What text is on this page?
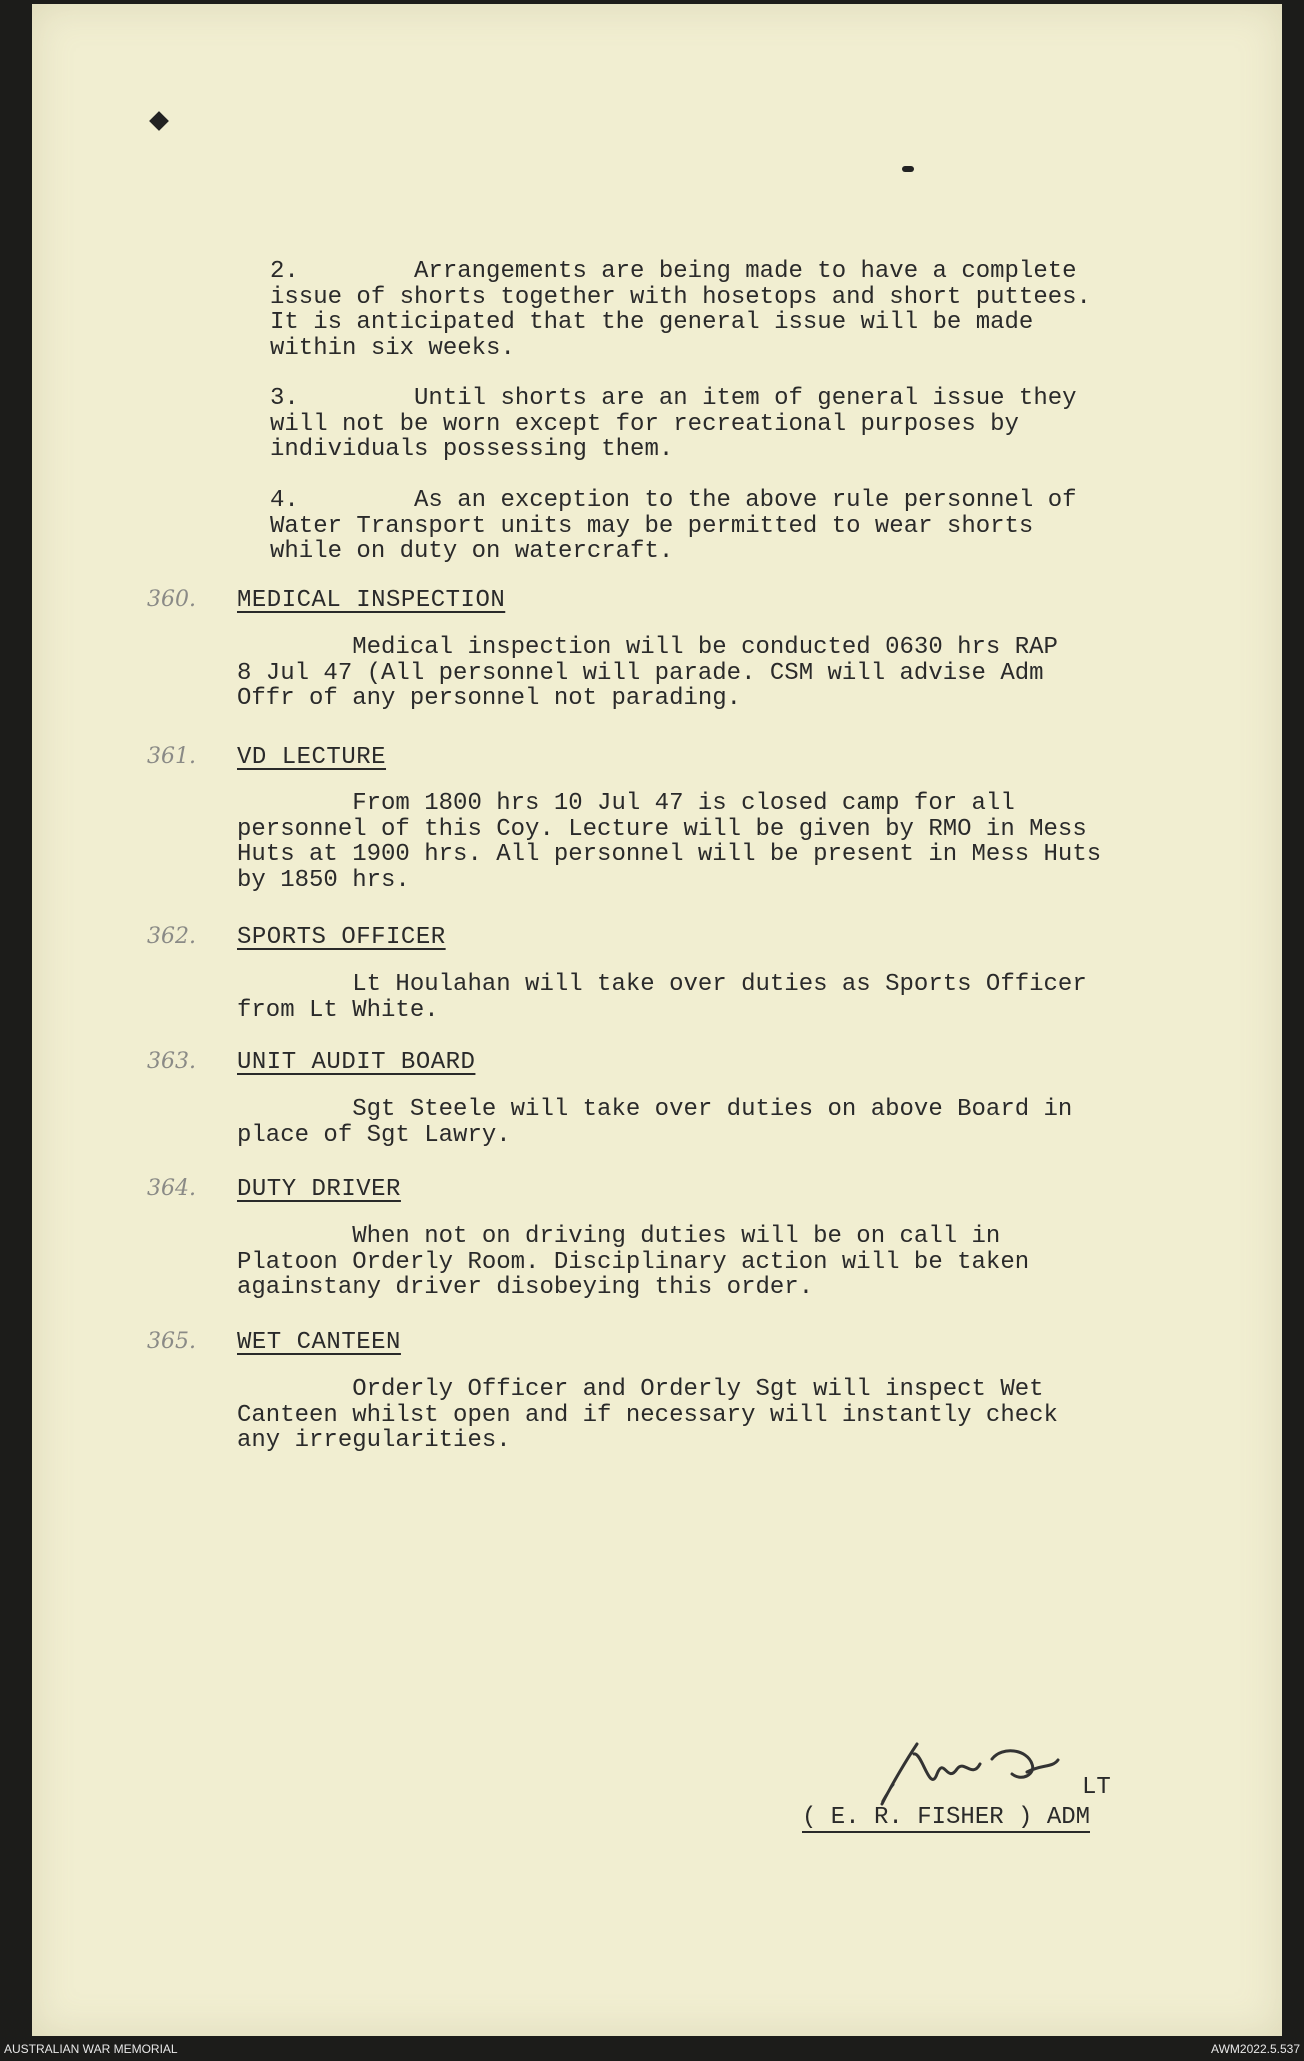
2.        Arrangements are being made to have a complete
issue of shorts together with hosetops and short puttees.
It is anticipated that the general issue will be made
within six weeks.
3.        Until shorts are an item of general issue they
will not be worn except for recreational purposes by
individuals possessing them.
4.        As an exception to the above rule personnel of
Water Transport units may be permitted to wear shorts
while on duty on watercraft.
360. MEDICAL INSPECTION
Medical inspection will be conducted 0630 hrs RAP
8 Jul 47 (All personnel will parade. CSM will advise Adm
Offr of any personnel not parading.
361. VD LECTURE
From 1800 hrs 10 Jul 47 is closed camp for all
personnel of this Coy. Lecture will be given by RMO in Mess
Huts at 1900 hrs. All personnel will be present in Mess Huts
by 1850 hrs.
362. SPORTS OFFICER
Lt Houlahan will take over duties as Sports Officer
from Lt White.
363. UNIT AUDIT BOARD
Sgt Steele will take over duties on above Board in
place of Sgt Lawry.
364. DUTY DRIVER
When not on driving duties will be on call in
Platoon Orderly Room. Disciplinary action will be taken
againstany driver disobeying this order.
365. WET CANTEEN
Orderly Officer and Orderly Sgt will inspect Wet
Canteen whilst open and if necessary will instantly check
any irregularities.
LT
( E. R. FISHER ) ADM
AUSTRALIAN WAR MEMORIAL	AWM2022.5.537
